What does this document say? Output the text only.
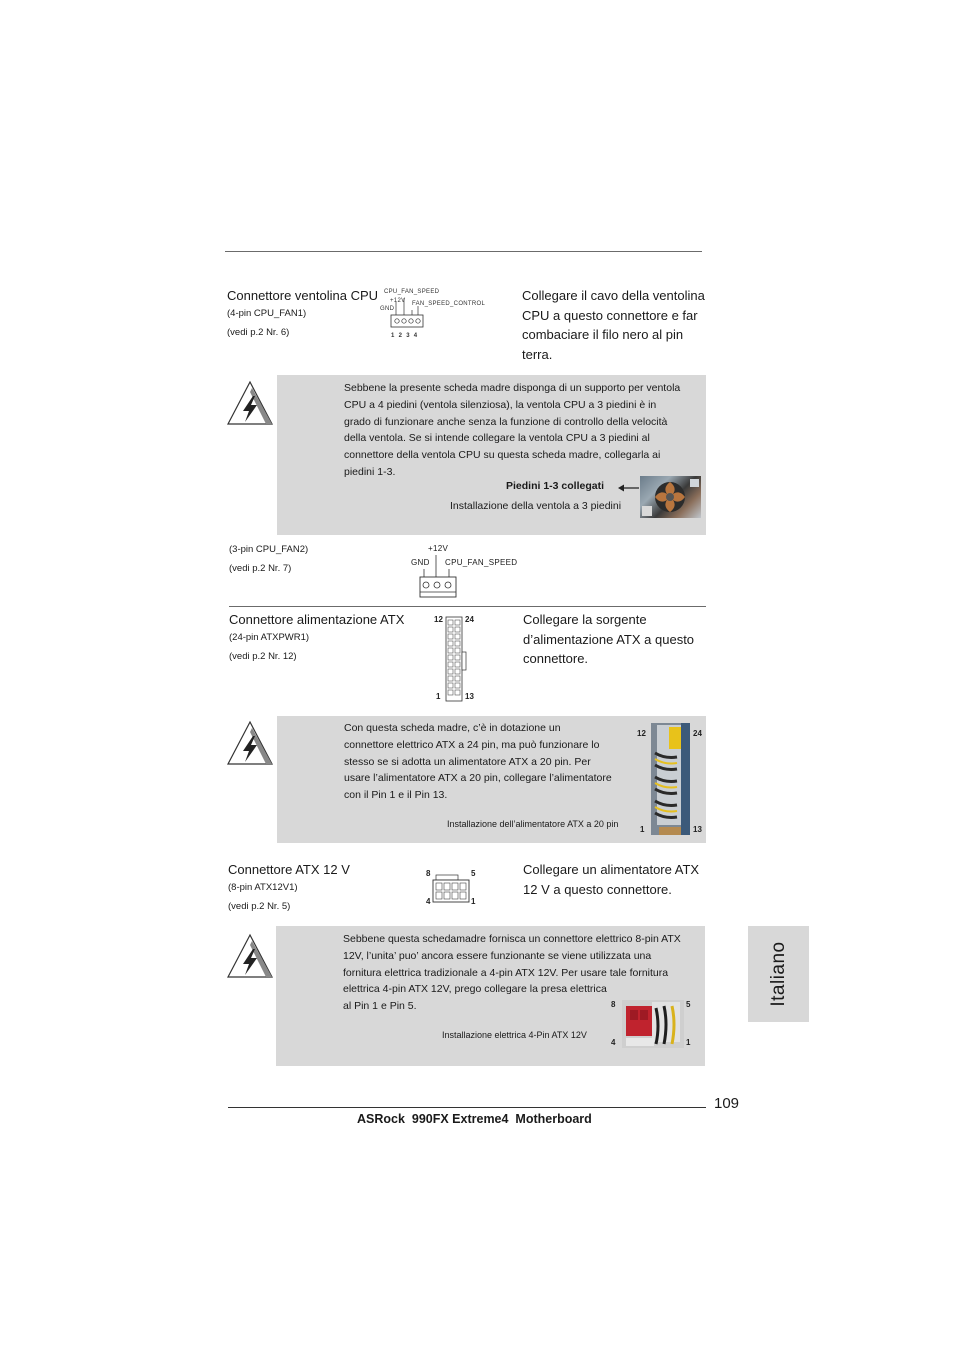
Connettore ventolina CPU
(4-pin CPU_FAN1)
(vedi p.2 Nr. 6)
CPU_FAN_SPEED
+12V
GND
FAN_SPEED_CONTROL
1 2 3 4
Collegare il cavo della ventolina
CPU a questo connettore e far
combaciare il filo nero al pin
terra.
Sebbene la presente scheda madre disponga di un supporto per ventola
CPU a 4 piedini (ventola silenziosa), la ventola CPU a 3 piedini è in
grado di funzionare anche senza la funzione di controllo della velocità
della ventola. Se si intende collegare la ventola CPU a 3 piedini al
connettore della ventola CPU su questa scheda madre, collegarla ai
piedini 1-3.
Piedini 1-3 collegati
Installazione della ventola a 3 piedini
(3-pin CPU_FAN2)
(vedi p.2 Nr. 7)
+12V
GND CPU_FAN_SPEED
Connettore alimentazione ATX
(24-pin ATXPWR1)
(vedi p.2 Nr. 12)
12	24
1	13
Collegare la sorgente
d’alimentazione ATX a questo
connettore.
Con questa scheda madre, c’è in dotazione un
connettore elettrico ATX a 24 pin, ma può funzionare lo
stesso se si adotta un alimentatore ATX a 20 pin. Per
usare l’alimentatore ATX a 20 pin, collegare l’alimentatore
con il Pin 1 e il Pin 13.
Installazione dell’alimentatore ATX a 20 pin
12	24
1	13
Connettore ATX 12 V
(8-pin ATX12V1)
(vedi p.2 Nr. 5)
8	5
4	1
Collegare un alimentatore ATX
12 V a questo connettore.
Sebbene questa schedamadre fornisca un connettore elettrico 8-pin ATX
12V, l’unita’ puo’ ancora essere funzionante se viene utilizzata una
fornitura elettrica tradizionale a 4-pin ATX 12V. Per usare tale fornitura
elettrica 4-pin ATX 12V, prego collegare la presa elettrica
al Pin 1 e Pin 5.
Installazione elettrica 4-Pin ATX 12V
8	5
4	1
Italiano
109
ASRock  990FX Extreme4  Motherboard
